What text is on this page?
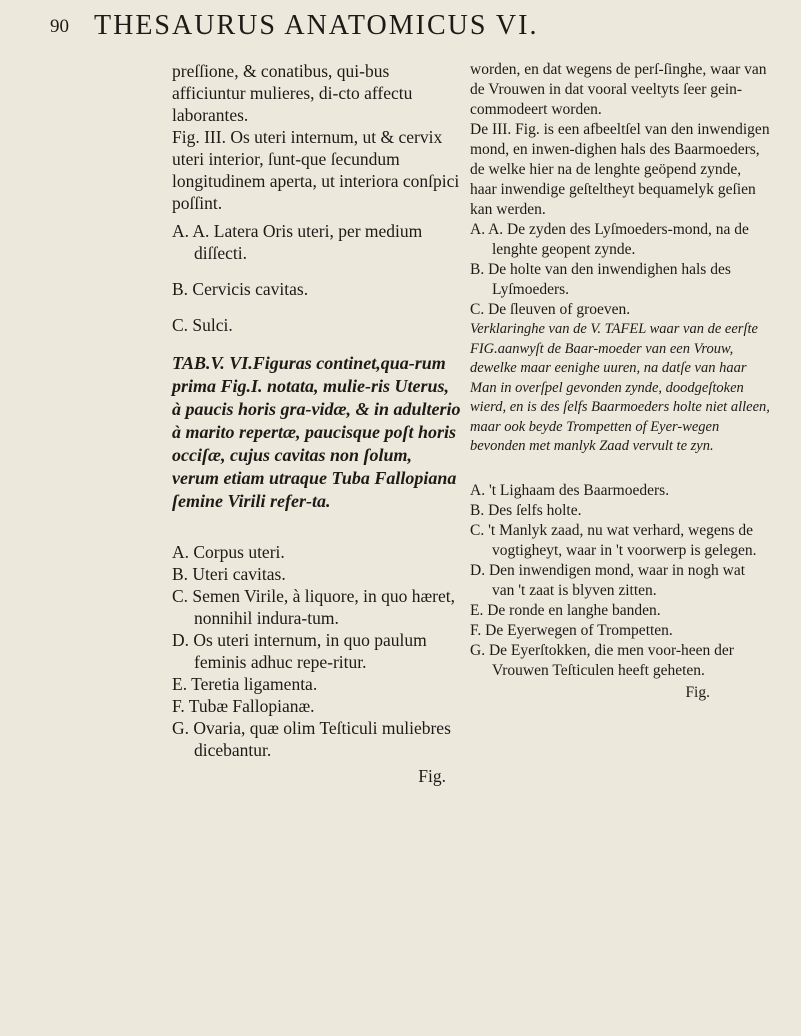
90 THESAURUS ANATOMICUS VI.

preſſione, & conatibus, qui-bus afficiuntur mulieres, di-cto affectu laborantes.

Fig. III. Os uteri internum, ut & cervix uteri interior, ſunt-que ſecundum longitudinem aperta, ut interiora conſpici poſſint.

A. A. Latera Oris uteri, per medium diſſecti.

B. Cervicis cavitas.

C. Sulci.

TAB.V. VI.Figuras continet,qua-rum prima Fig.I. notata, mulie-ris Uterus, à paucis horis gra-vidæ, & in adulterio à marito repertæ, paucisque poſt horis occiſæ, cujus cavitas non ſolum, verum etiam utraque Tuba Fallopiana ſemine Virili refer-ta.

A. Corpus uteri.

B. Uteri cavitas.

C. Semen Virile, à liquore, in quo hæret, nonnihil indura-tum.

D. Os uteri internum, in quo paulum feminis adhuc repe-ritur.

E. Teretia ligamenta.

F. Tubæ Fallopianæ.

G. Ovaria, quæ olim Teſticuli muliebres dicebantur.

Fig.

worden, en dat wegens de perſ-ſinghe, waar van de Vrouwen in dat vooral veeltyts ſeer gein-commodeert worden.

De III. Fig. is een afbeeltſel van den inwendigen mond, en inwen-dighen hals des Baarmoeders, de welke hier na de lenghte geöpend zynde, haar inwendige geſteltheyt bequamelyk geſien kan werden.

A. A. De zyden des Lyſmoeders-mond, na de lenghte geopent zynde.

B. De holte van den inwendighen hals des Lyſmoeders.

C. De ſleuven of groeven.

Verklaringhe van de V. TAFEL waar van de eerſte FIG.aanwyſt de Baar-moeder van een Vrouw, dewelke maar eenighe uuren, na datſe van haar Man in overſpel gevonden zynde, doodgeſtoken wierd, en is des ſelfs Baarmoeders holte niet alleen, maar ook beyde Trompetten of Eyer-wegen bevonden met manlyk Zaad vervult te zyn.

A. 't Lighaam des Baarmoeders.

B. Des ſelfs holte.

C. 't Manlyk zaad, nu wat verhard, wegens de vogtigheyt, waar in 't voorwerp is gelegen.

D. Den inwendigen mond, waar in nogh wat van 't zaat is blyven zitten.

E. De ronde en langhe banden.

F. De Eyerwegen of Trompetten.

G. De Eyerſtokken, die men voor-heen der Vrouwen Teſticulen heeft geheten.

Fig.
